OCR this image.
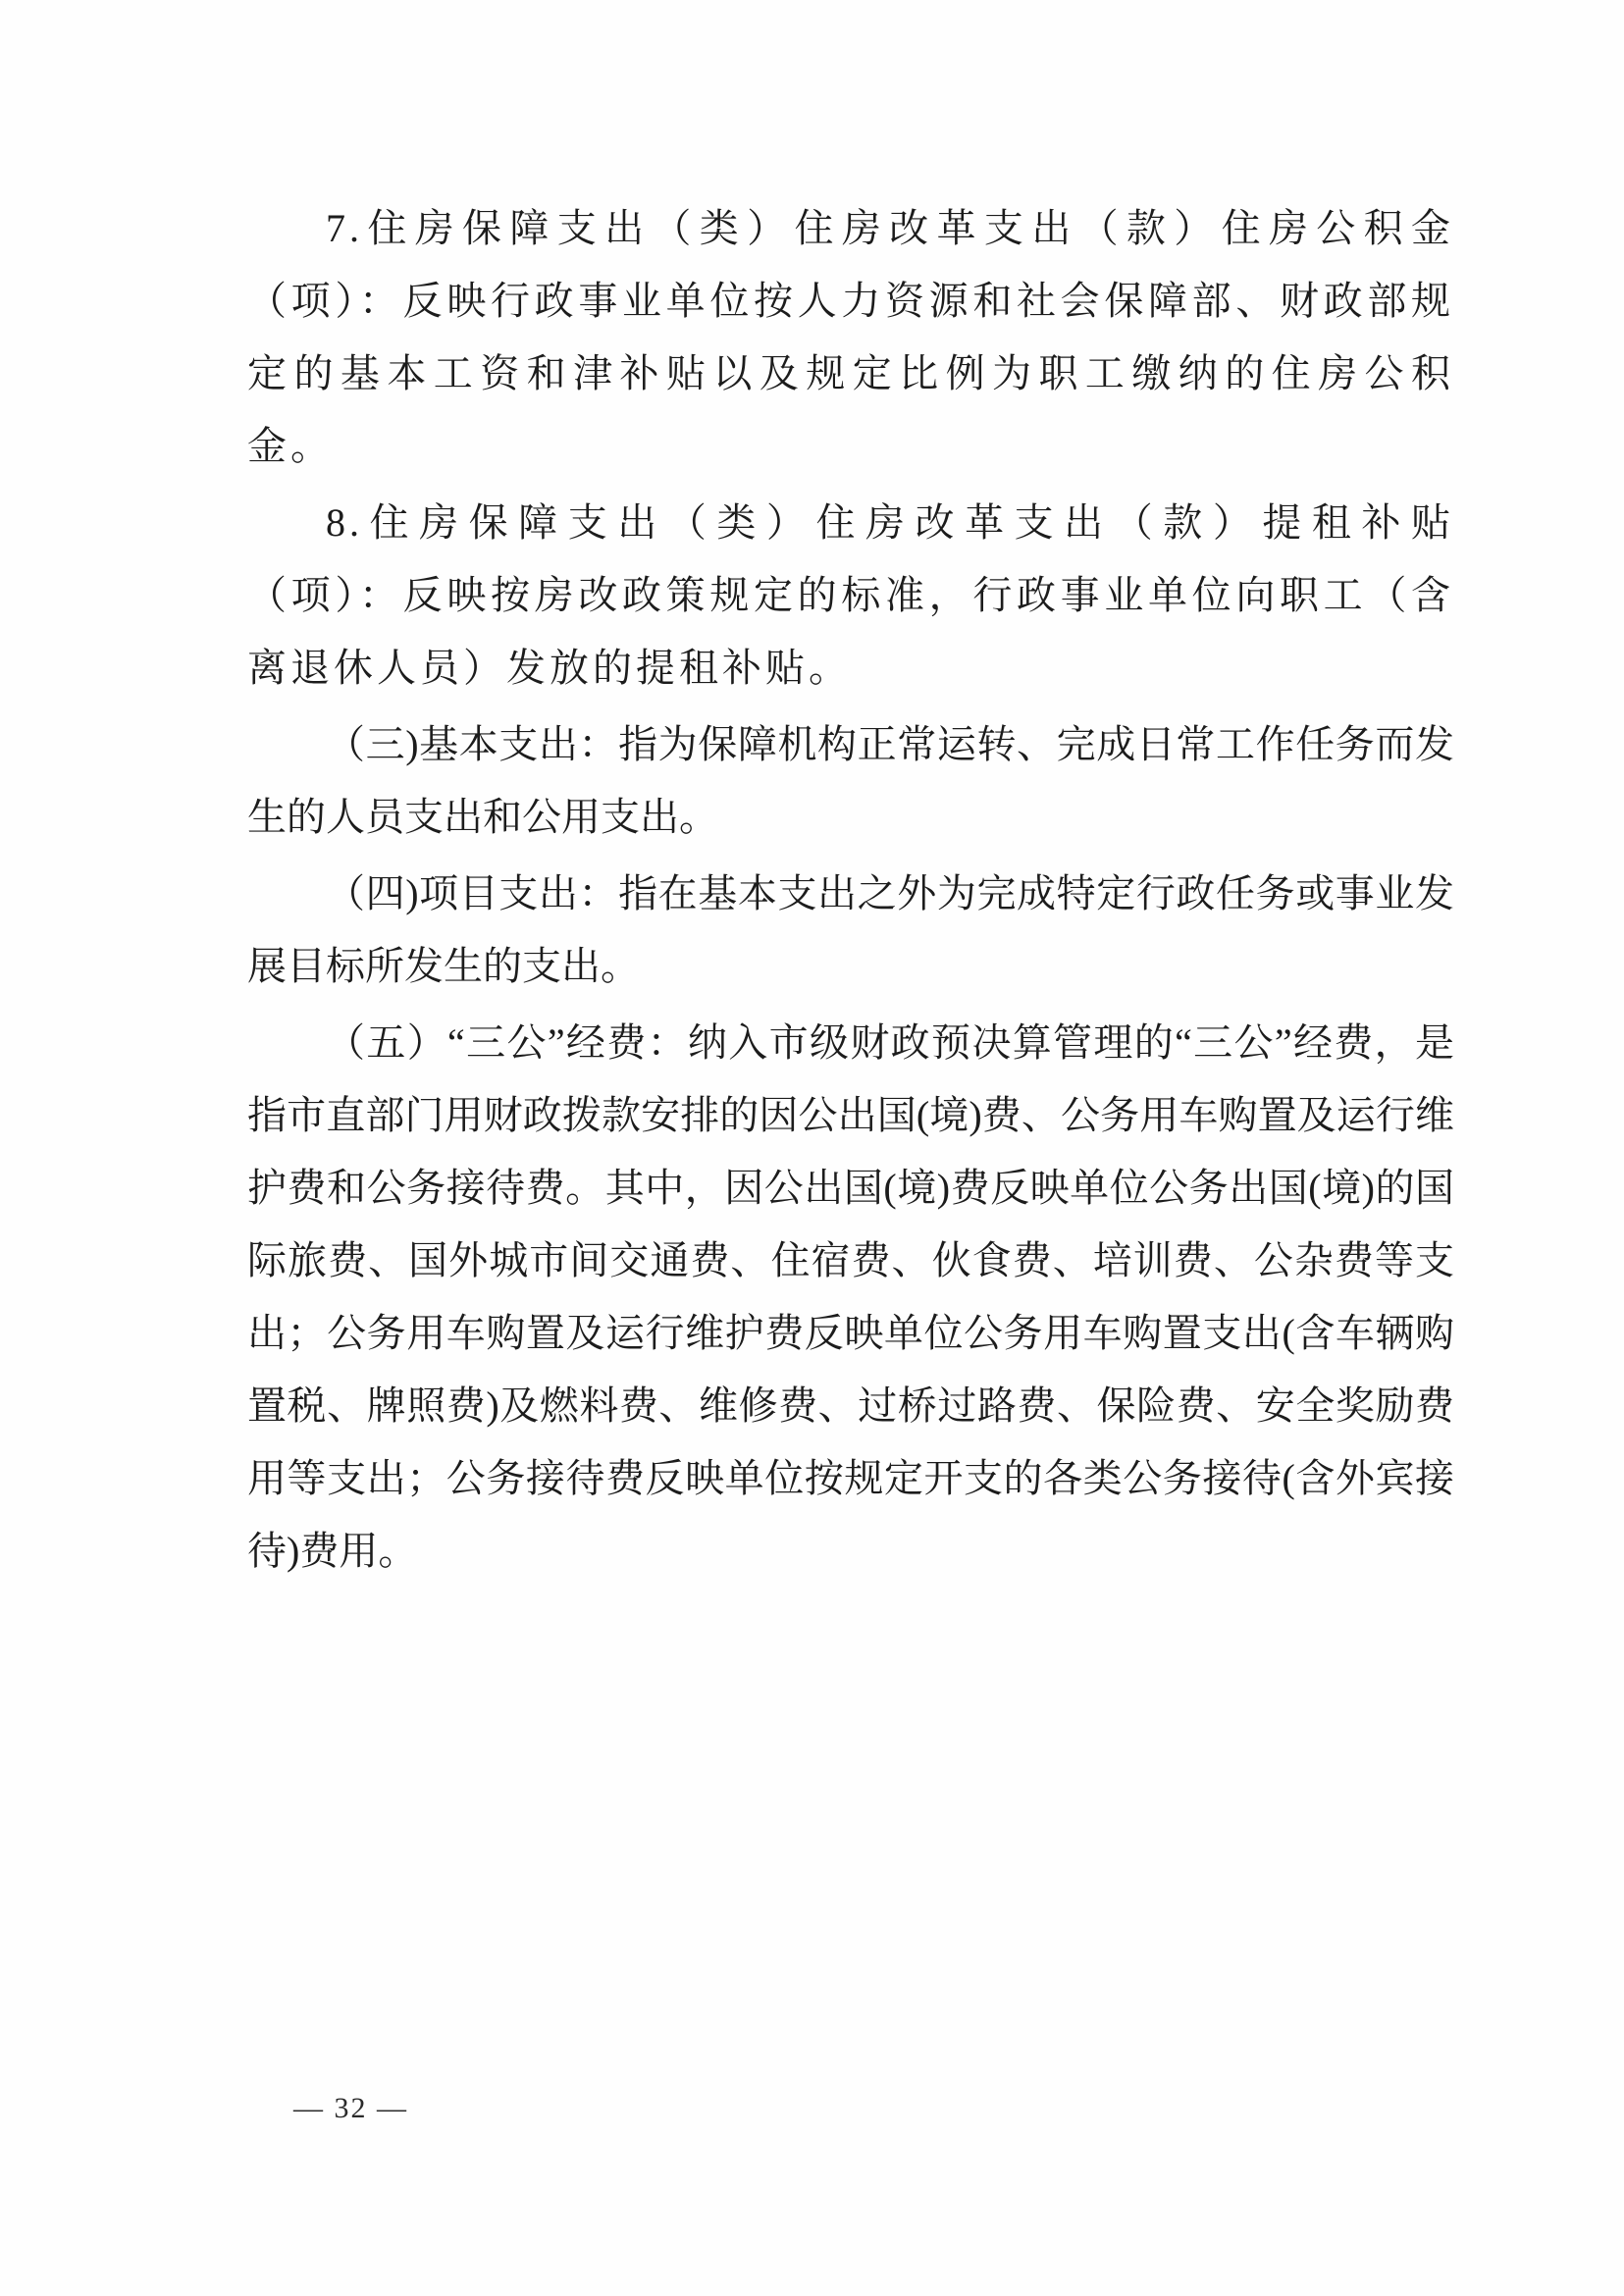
7.住房保障支出（类）住房改革支出（款）住房公积金（项）：反映行政事业单位按人力资源和社会保障部、财政部规定的基本工资和津补贴以及规定比例为职工缴纳的住房公积金。

8.住房保障支出（类）住房改革支出（款）提租补贴（项）：反映按房改政策规定的标准，行政事业单位向职工（含离退休人员）发放的提租补贴。

（三)基本支出：指为保障机构正常运转、完成日常工作任务而发生的人员支出和公用支出。

（四)项目支出：指在基本支出之外为完成特定行政任务或事业发展目标所发生的支出。

（五）“三公”经费：纳入市级财政预决算管理的“三公”经费，是指市直部门用财政拨款安排的因公出国(境)费、公务用车购置及运行维护费和公务接待费。其中，因公出国(境)费反映单位公务出国(境)的国际旅费、国外城市间交通费、住宿费、伙食费、培训费、公杂费等支出；公务用车购置及运行维护费反映单位公务用车购置支出(含车辆购置税、牌照费)及燃料费、维修费、过桥过路费、保险费、安全奖励费用等支出；公务接待费反映单位按规定开支的各类公务接待(含外宾接待)费用。

— 32 —
